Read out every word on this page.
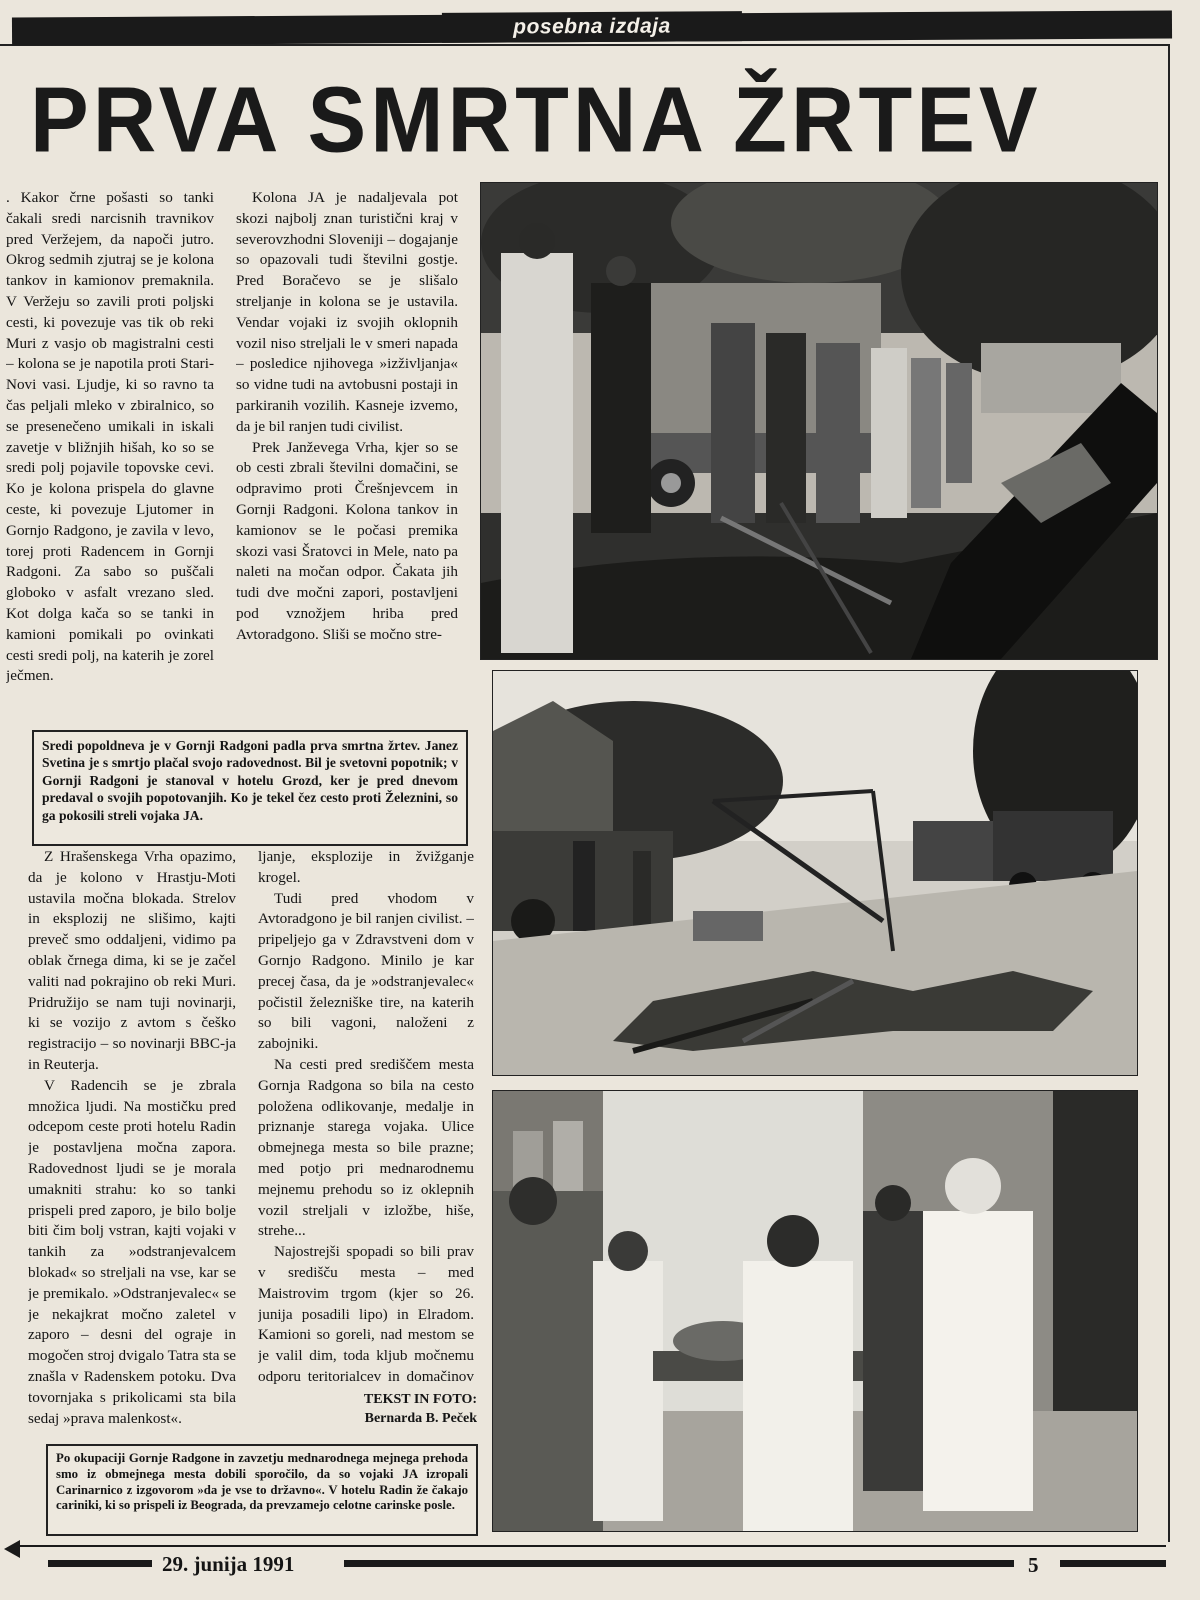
posebna izdaja
PRVA SMRTNA ŽRTEV

. Kakor črne pošasti so tanki čakali sredi narcisnih travnikov pred Veržejem, da napoči jutro. Okrog sedmih zjutraj se je kolona tankov in kamionov premaknila. V Veržeju so zavili proti poljski cesti, ki povezuje vas tik ob reki Muri z vasjo ob magistralni cesti – kolona se je napotila proti Stari-Novi vasi. Ljudje, ki so ravno ta čas peljali mleko v zbiralnico, so se presenečeno umikali in iskali zavetje v bližnjih hišah, ko so se sredi polj pojavile topovske cevi. Ko je kolona prispela do glavne ceste, ki povezuje Ljutomer in Gornjo Radgono, je zavila v levo, torej proti Radencem in Gornji Radgoni. Za sabo so puščali globoko v asfalt vrezano sled. Kot dolga kača so se tanki in kamioni pomikali po ovinkati cesti sredi polj, na katerih je zorel ječmen.

Kolona JA je nadaljevala pot skozi najbolj znan turistični kraj v severovzhodni Sloveniji – dogajanje so opazovali tudi številni gostje. Pred Boračevo se je slišalo streljanje in kolona se je ustavila. Vendar vojaki iz svojih oklopnih vozil niso streljali le v smeri napada – posledice njihovega »izživljanja« so vidne tudi na avtobusni postaji in parkiranih vozilih. Kasneje izvemo, da je bil ranjen tudi civilist.

Prek Janževega Vrha, kjer so se ob cesti zbrali številni domačini, se odpravimo proti Črešnjevcem in Gornji Radgoni. Kolona tankov in kamionov se le počasi premika skozi vasi Šratovci in Mele, nato pa naleti na močan odpor. Čakata jih tudi dve močni zapori, postavljeni pod vznožjem hriba pred Avtoradgono. Sliši se močno stre-

Sredi popoldneva je v Gornji Radgoni padla prva smrtna žrtev. Janez Svetina je s smrtjo plačal svojo radovednost. Bil je svetovni popotnik; v Gornji Radgoni je stanoval v hotelu Grozd, ker je pred dnevom predaval o svojih popotovanjih. Ko je tekel čez cesto proti Železnini, so ga pokosili streli vojaka JA.

Z Hrašenskega Vrha opazimo, da je kolono v Hrastju-Moti ustavila močna blokada. Strelov in eksplozij ne slišimo, kajti preveč smo oddaljeni, vidimo pa oblak črnega dima, ki se je začel valiti nad pokrajino ob reki Muri. Pridružijo se nam tuji novinarji, ki se vozijo z avtom s češko registracijo – so novinarji BBC-ja in Reuterja.

V Radencih se je zbrala množica ljudi. Na mostičku pred odcepom ceste proti hotelu Radin je postavljena močna zapora. Radovednost ljudi se je morala umakniti strahu: ko so tanki prispeli pred zaporo, je bilo bolje biti čim bolj vstran, kajti vojaki v tankih za »odstranjevalcem blokad« so streljali na vse, kar se je premikalo. »Odstranjevalec« se je nekajkrat močno zaletel v zaporo – desni del ograje in mogočen stroj dvigalo Tatra sta se znašla v Radenskem potoku. Dva tovornjaka s prikolicami sta bila sedaj »prava malenkost«.

ljanje, eksplozije in žvižganje krogel.

Tudi pred vhodom v Avtoradgono je bil ranjen civilist. – pripeljejo ga v Zdravstveni dom v Gornjo Radgono. Minilo je kar precej časa, da je »odstranjevalec« počistil železniške tire, na katerih so bili vagoni, naloženi z zabojniki.

Na cesti pred središčem mesta Gornja Radgona so bila na cesto položena odlikovanje, medalje in priznanje starega vojaka. Ulice obmejnega mesta so bile prazne; med potjo pri mednarodnemu mejnemu prehodu so iz oklepnih vozil streljali v izložbe, hiše, strehe...

Najostrejši spopadi so bili prav v središču mesta – med Maistrovim trgom (kjer so 26. junija posadili lipo) in Elradom. Kamioni so goreli, nad mestom se je valil dim, toda kljub močnemu odporu teritorialcev in domačinov

TEKST IN FOTO:
Bernarda B. Peček
Po okupaciji Gornje Radgone in zavzetju mednarodnega mejnega prehoda smo iz obmejnega mesta dobili sporočilo, da so vojaki JA izropali Carinarnico z izgovorom »da je vse to državno«. V hotelu Radin že čakajo cariniki, ki so prispeli iz Beograda, da prevzamejo celotne carinske posle.
29. junija 1991	5
